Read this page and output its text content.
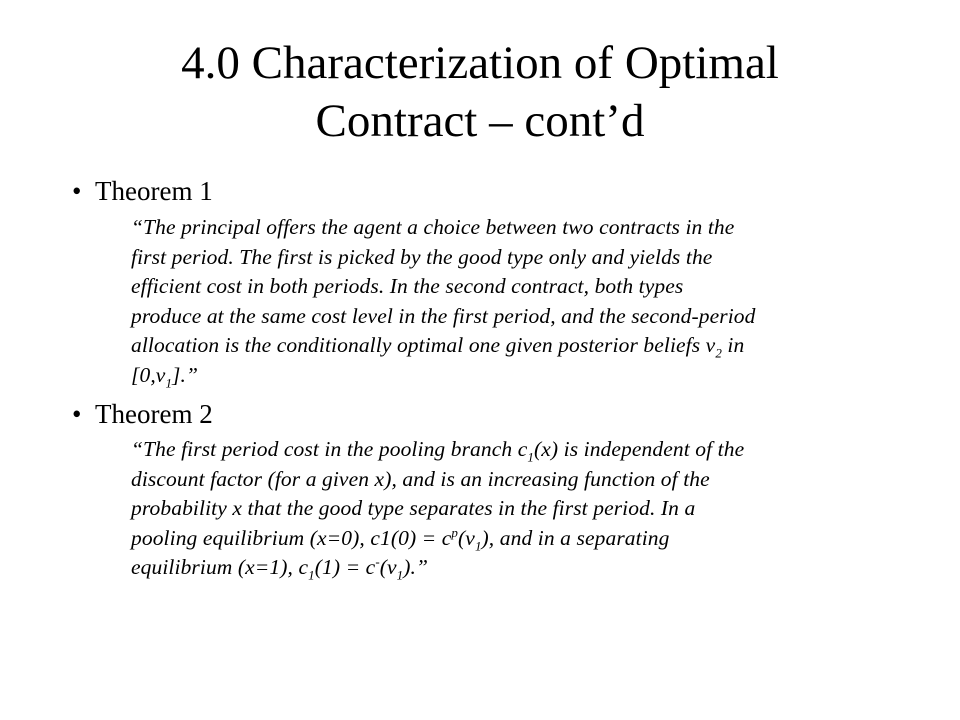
4.0 Characterization of Optimal
Contract – cont’d
• Theorem 1
“The principal offers the agent a choice between two contracts in the
first period. The first is picked by the good type only and yields the
efficient cost in both periods. In the second contract, both types
produce at the same cost level in the first period, and the second-period
allocation is the conditionally optimal one given posterior beliefs $v_2$ in
$[0,v_1]$.”
• Theorem 2
“The first period cost in the pooling branch $c_1(x)$ is independent of the
discount factor (for a given x), and is an increasing function of the
probability x that the good type separates in the first period. In a
pooling equilibrium (x=0), $c1(0) = c^p(v_1)$, and in a separating
equilibrium (x=1), $c_1(1) = c^-(v_1)$.”
